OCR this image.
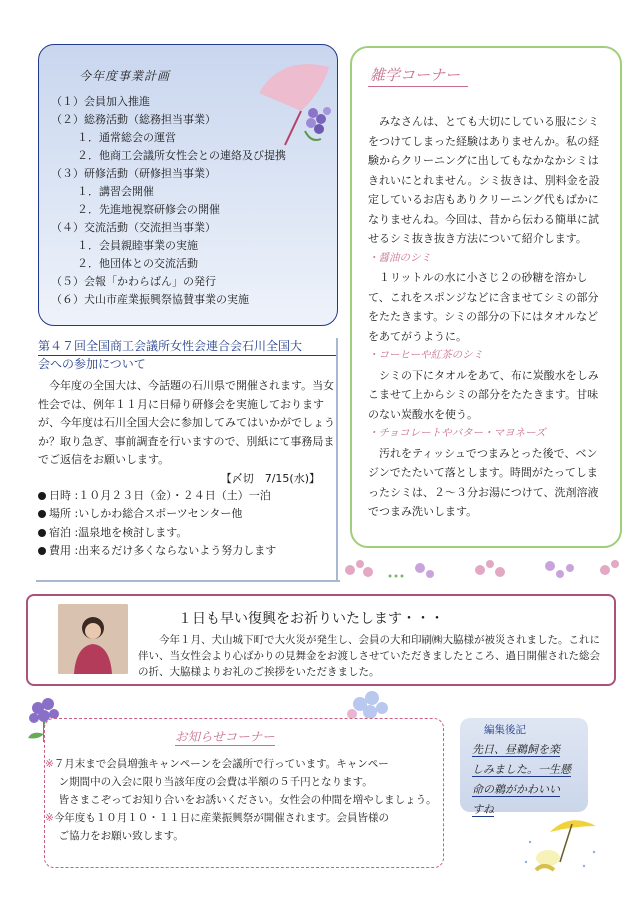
今年度事業計画
（１）会員加入推進
（２）総務活動（総務担当事業）
１．通常総会の運営
２．他商工会議所女性会との連絡及び提携
（３）研修活動（研修担当事業）
１．講習会開催
２．先進地視察研修会の開催
（４）交流活動（交流担当事業）
１．会員親睦事業の実施
２．他団体との交流活動
（５）会報「かわらばん」の発行
（６）犬山市産業振興祭協賛事業の実施
雑学コーナー

みなさんは、とても大切にしている服にシミをつけてしまった経験はありませんか。私の経験からクリーニングに出してもなかなかシミはきれいにとれません。シミ抜きは、別料金を設定しているお店もありクリーニング代もばかになりませんね。今回は、昔から伝わる簡単に試せるシミ抜き抜き方法について紹介します。

・醤油のシミ

１リットルの水に小さじ２の砂糖を溶かして、これをスポンジなどに含ませてシミの部分をたたきます。シミの部分の下にはタオルなどをあてがうように。

・コーヒーや紅茶のシミ

シミの下にタオルをあて、布に炭酸水をしみこませて上からシミの部分をたたきます。甘味のない炭酸水を使う。

・チョコレートやバター・マヨネーズ

汚れをティッシュでつまみとった後で、ベンジンでたたいて落とします。時間がたってしまったシミは、２～３分お湯につけて、洗剤溶液でつまみ洗いします。

第４７回全国商工会議所女性会連合会石川全国大
会への参加について
今年度の全国大は、今話題の石川県で開催されます。当女性会では、例年１１月に日帰り研修会を実施しておりますが、今年度は石川全国大会に参加してみてはいかがでしょうか？取り急ぎ、事前調査を行いますので、別紙にて事務局までご返信をお願いします。
【〆切　7/15(水)】
日時 :１０月２３日（金）・２４日（土）一泊
場所 :いしかわ総合スポーツセンター他
宿泊 :温泉地を検討します。
費用 :出来るだけ多くならないよう努力します
１日も早い復興をお祈りいたします・・・
今年１月、犬山城下町で大火災が発生し、会員の大和印刷㈱大脇様が被災されました。これに伴い、当女性会より心ばかりの見舞金をお渡しさせていただきましたところ、過日開催された総会の折、大脇様よりお礼のご挨拶をいただきました。
お知らせコーナー
※７月末まで会員増強キャンペーンを会議所で行っています。キャンペー
ン期間中の入会に限り当該年度の会費は半額の５千円となります。
皆さまこぞってお知り合いをお誘いください。女性会の仲間を増やしましょう。
※今年度も１０月１０・１１日に産業振興祭が開催されます。会員皆様の
ご協力をお願い致します。
編集後記
先日、昼鵜飼を楽
しみました。一生懸
命の鵜がかわいい
すね
